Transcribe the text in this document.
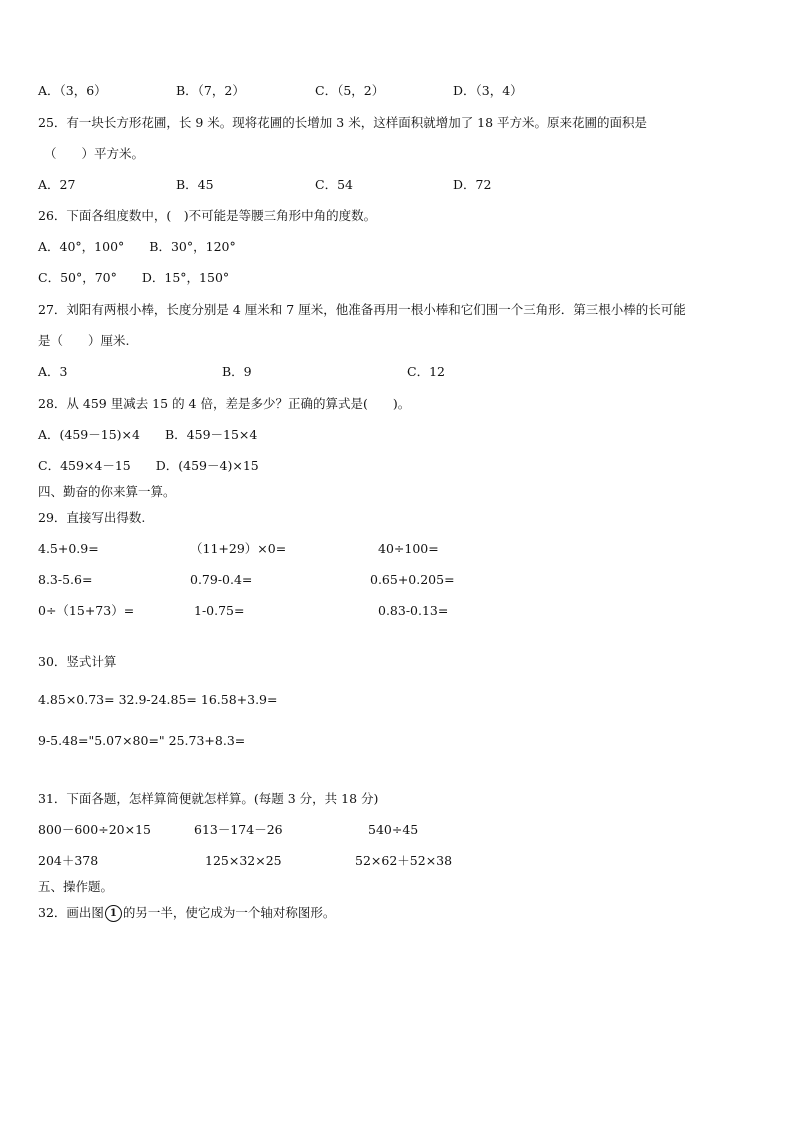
A．（3，6）	B．（7，2）	C．（5，2）	D．（3，4）
25．有一块长方形花圃，长 9 米。现将花圃的长增加 3 米，这样面积就增加了 18 平方米。原来花圃的面积是
（　　）平方米。
A．27	B．45	C．54	D．72
26．下面各组度数中，(　)不可能是等腰三角形中角的度数。
A．40°，100°　　B．30°，120°
C．50°，70°　　D．15°，150°
27．刘阳有两根小棒，长度分别是 4 厘米和 7 厘米，他准备再用一根小棒和它们围一个三角形．第三根小棒的长可能
是（　　）厘米.
A．3	B．9	C．12
28．从 459 里减去 15 的 4 倍，差是多少？正确的算式是(　　)。
A．(459－15)×4　　B．459－15×4
C．459×4－15　　D．(459－4)×15
四、勤奋的你来算一算。
29．直接写出得数.
4.5+0.9=	（11+29）×0=	40÷100=
8.3-5.6=	0.79-0.4=	0.65+0.205=
0÷（15+73）=	1-0.75=	0.83-0.13=
30．竖式计算
4.85×0.73= 32.9-24.85= 16.58+3.9=
9-5.48="5.07×80=" 25.73+8.3=
31．下面各题，怎样算简便就怎样算。(每题 3 分，共 18 分)
800－600÷20×15	613－174－26	540÷45
204＋378	125×32×25	52×62＋52×38
五、操作题。
32．画出图 1 的另一半，使它成为一个轴对称图形。
